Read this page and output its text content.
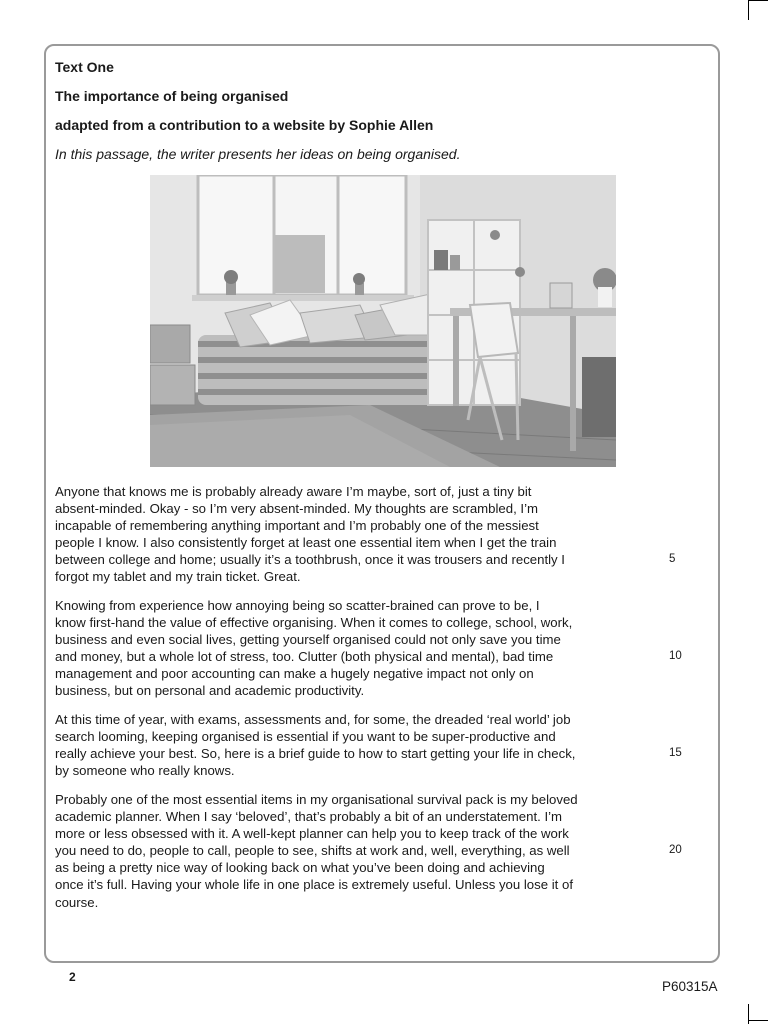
Text One

The importance of being organised

adapted from a contribution to a website by Sophie Allen

In this passage, the writer presents her ideas on being organised.

Anyone that knows me is probably already aware I’m maybe, sort of, just a tiny bit
absent-minded. Okay - so I’m very absent-minded. My thoughts are scrambled, I’m
incapable of remembering anything important and I’m probably one of the messiest
people I know. I also consistently forget at least one essential item when I get the train
between college and home; usually it’s a toothbrush, once it was trousers and recently I
forgot my tablet and my train ticket. Great.
Knowing from experience how annoying being so scatter-brained can prove to be, I
know first-hand the value of effective organising. When it comes to college, school, work,
business and even social lives, getting yourself organised could not only save you time
and money, but a whole lot of stress, too. Clutter (both physical and mental), bad time
management and poor accounting can make a hugely negative impact not only on
business, but on personal and academic productivity.
At this time of year, with exams, assessments and, for some, the dreaded ‘real world’ job
search looming, keeping organised is essential if you want to be super-productive and
really achieve your best. So, here is a brief guide to how to start getting your life in check,
by someone who really knows.
Probably one of the most essential items in my organisational survival pack is my beloved
academic planner. When I say ‘beloved’, that’s probably a bit of an understatement. I’m
more or less obsessed with it. A well-kept planner can help you to keep track of the work
you need to do, people to call, people to see, shifts at work and, well, everything, as well
as being a pretty nice way of looking back on what you’ve been doing and achieving
once it’s full. Having your whole life in one place is extremely useful. Unless you lose it of
course.

5

10

15

20

2

P60315A
